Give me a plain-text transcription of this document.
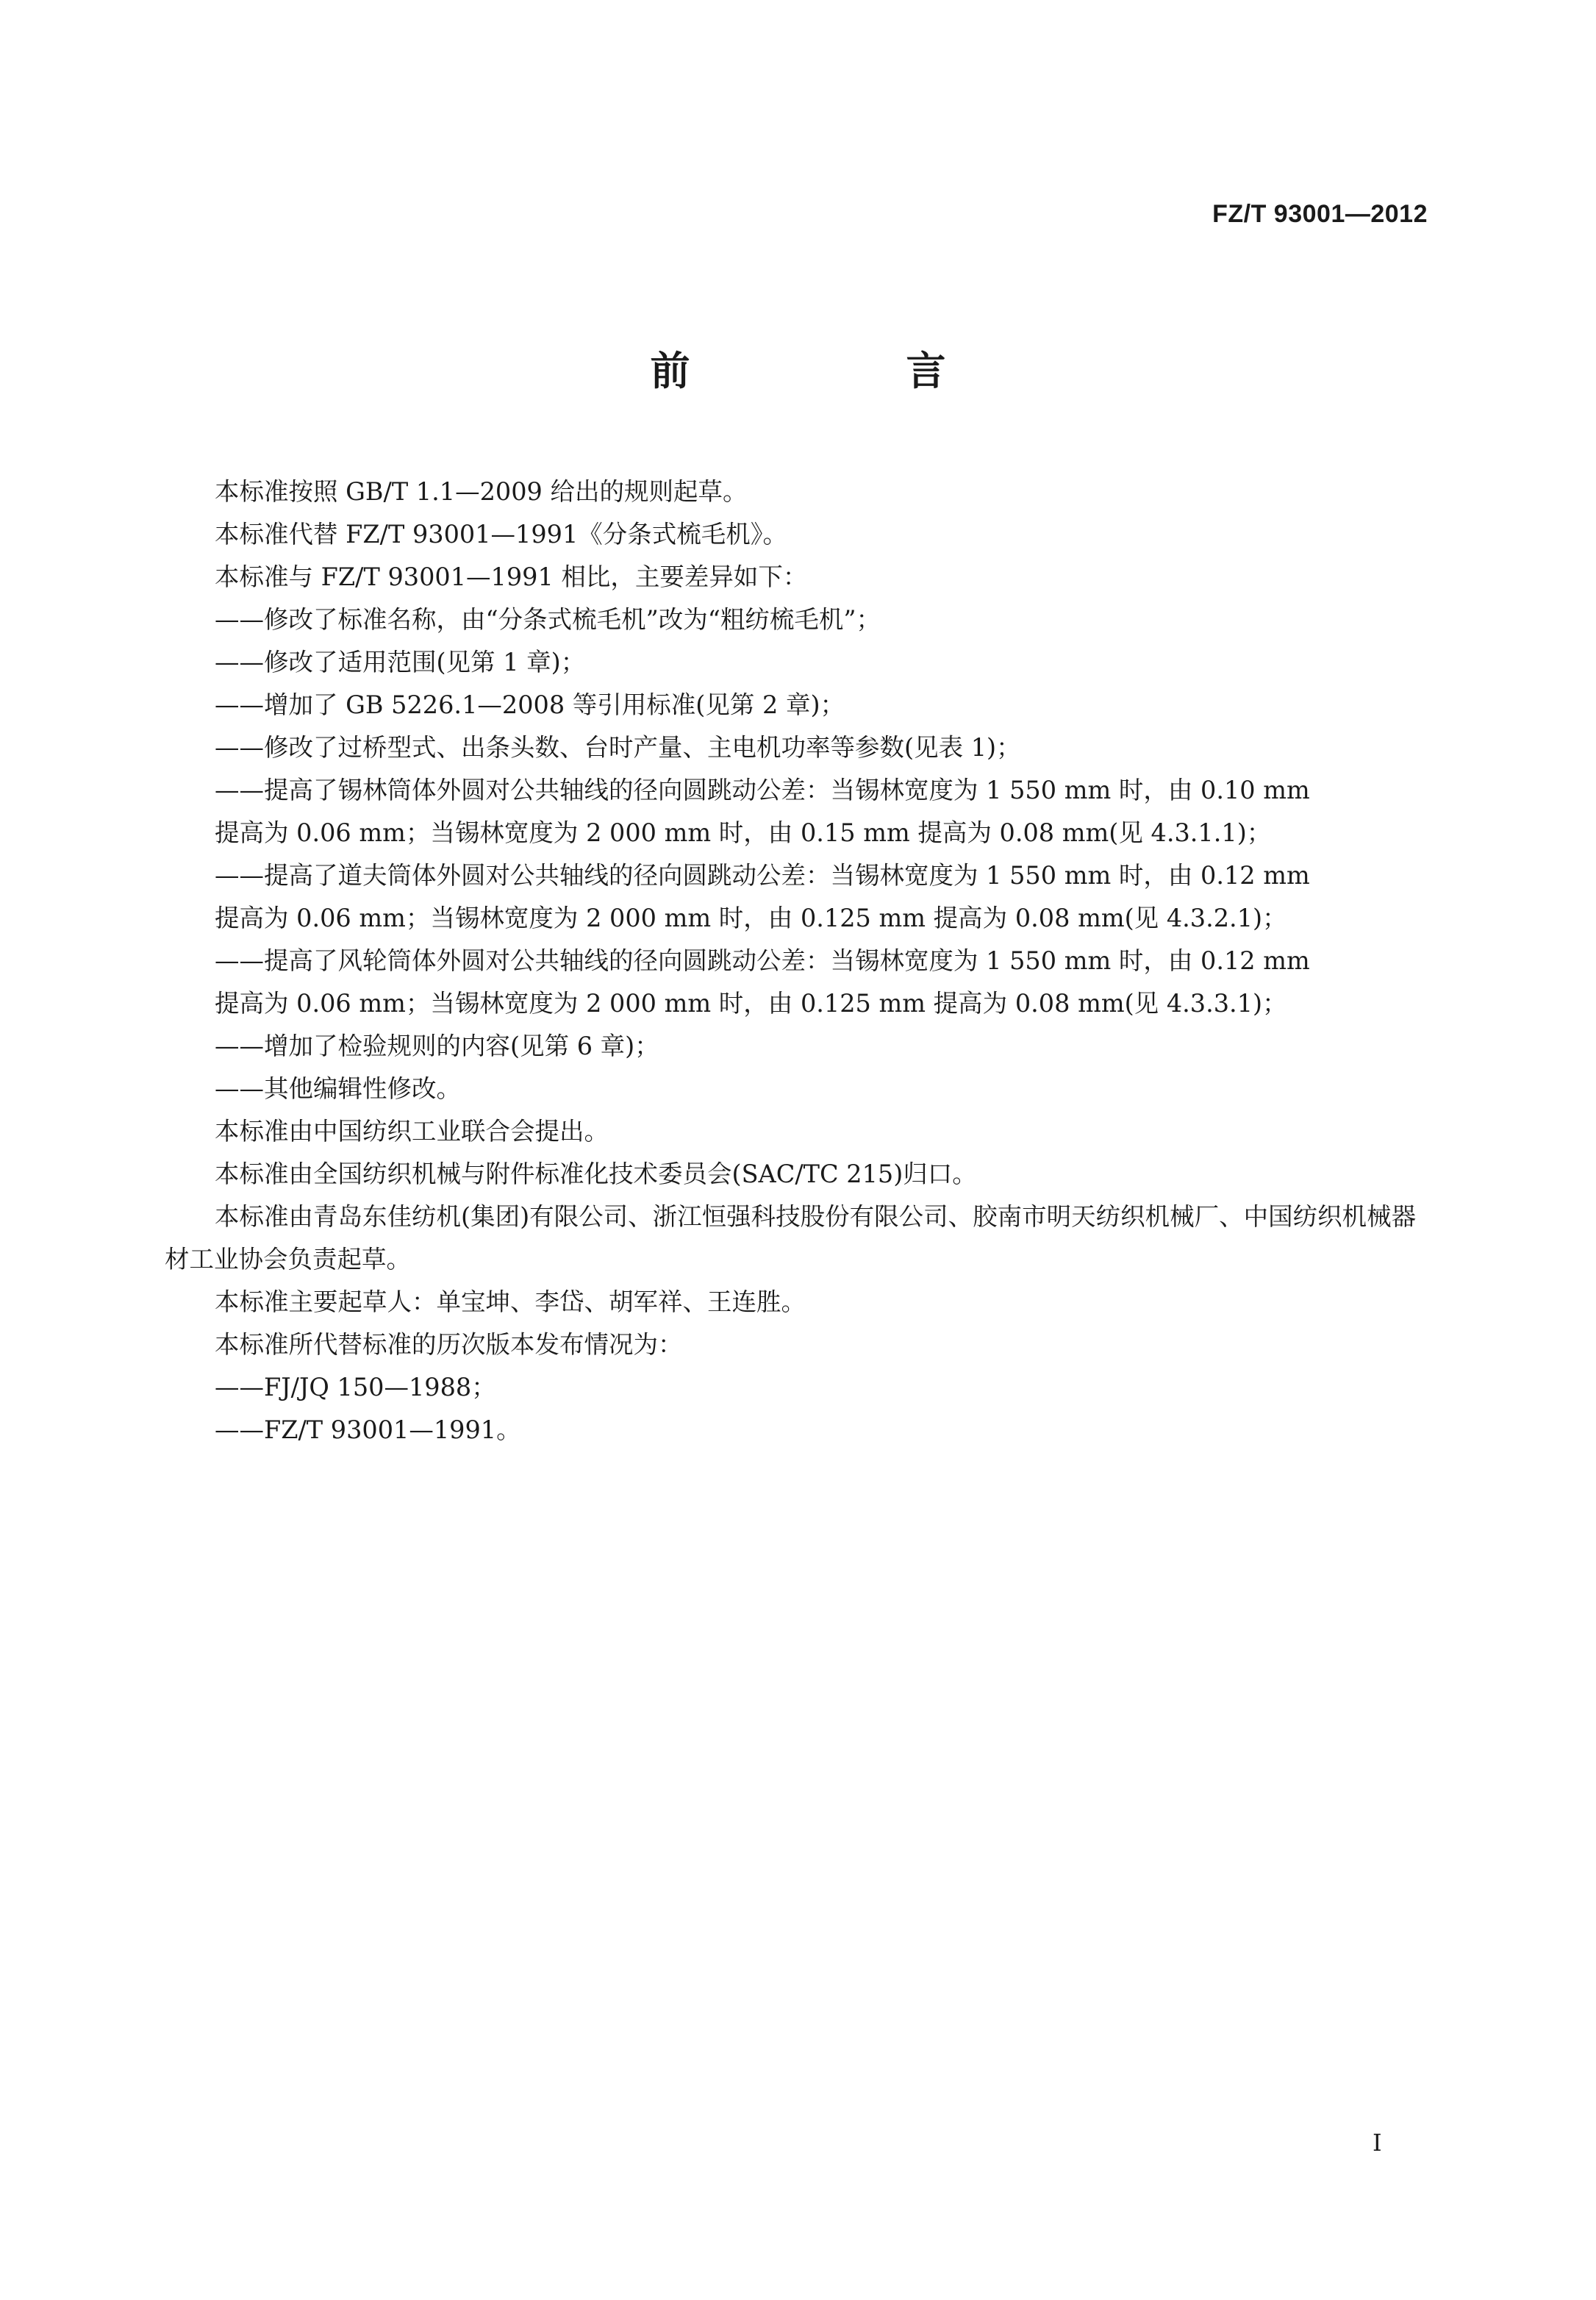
FZ/T 93001—2012
前　言
本标准按照 GB/T 1.1—2009 给出的规则起草。
本标准代替 FZ/T 93001—1991《分条式梳毛机》。
本标准与 FZ/T 93001—1991 相比，主要差异如下：
——修改了标准名称，由“分条式梳毛机”改为“粗纺梳毛机”；
——修改了适用范围(见第 1 章)；
——增加了 GB 5226.1—2008 等引用标准(见第 2 章)；
——修改了过桥型式、出条头数、台时产量、主电机功率等参数(见表 1)；
——提高了锡林筒体外圆对公共轴线的径向圆跳动公差：当锡林宽度为 1 550 mm 时，由 0.10 mm
提高为 0.06 mm；当锡林宽度为 2 000 mm 时，由 0.15 mm 提高为 0.08 mm(见 4.3.1.1)；
——提高了道夫筒体外圆对公共轴线的径向圆跳动公差：当锡林宽度为 1 550 mm 时，由 0.12 mm
提高为 0.06 mm；当锡林宽度为 2 000 mm 时，由 0.125 mm 提高为 0.08 mm(见 4.3.2.1)；
——提高了风轮筒体外圆对公共轴线的径向圆跳动公差：当锡林宽度为 1 550 mm 时，由 0.12 mm
提高为 0.06 mm；当锡林宽度为 2 000 mm 时，由 0.125 mm 提高为 0.08 mm(见 4.3.3.1)；
——增加了检验规则的内容(见第 6 章)；
——其他编辑性修改。
本标准由中国纺织工业联合会提出。
本标准由全国纺织机械与附件标准化技术委员会(SAC/TC 215)归口。
本标准由青岛东佳纺机(集团)有限公司、浙江恒强科技股份有限公司、胶南市明天纺织机械厂、中国纺织机械器材工业协会负责起草。
本标准主要起草人：单宝坤、李岱、胡军祥、王连胜。
本标准所代替标准的历次版本发布情况为：
——FJ/JQ 150—1988；
——FZ/T 93001—1991。
I
